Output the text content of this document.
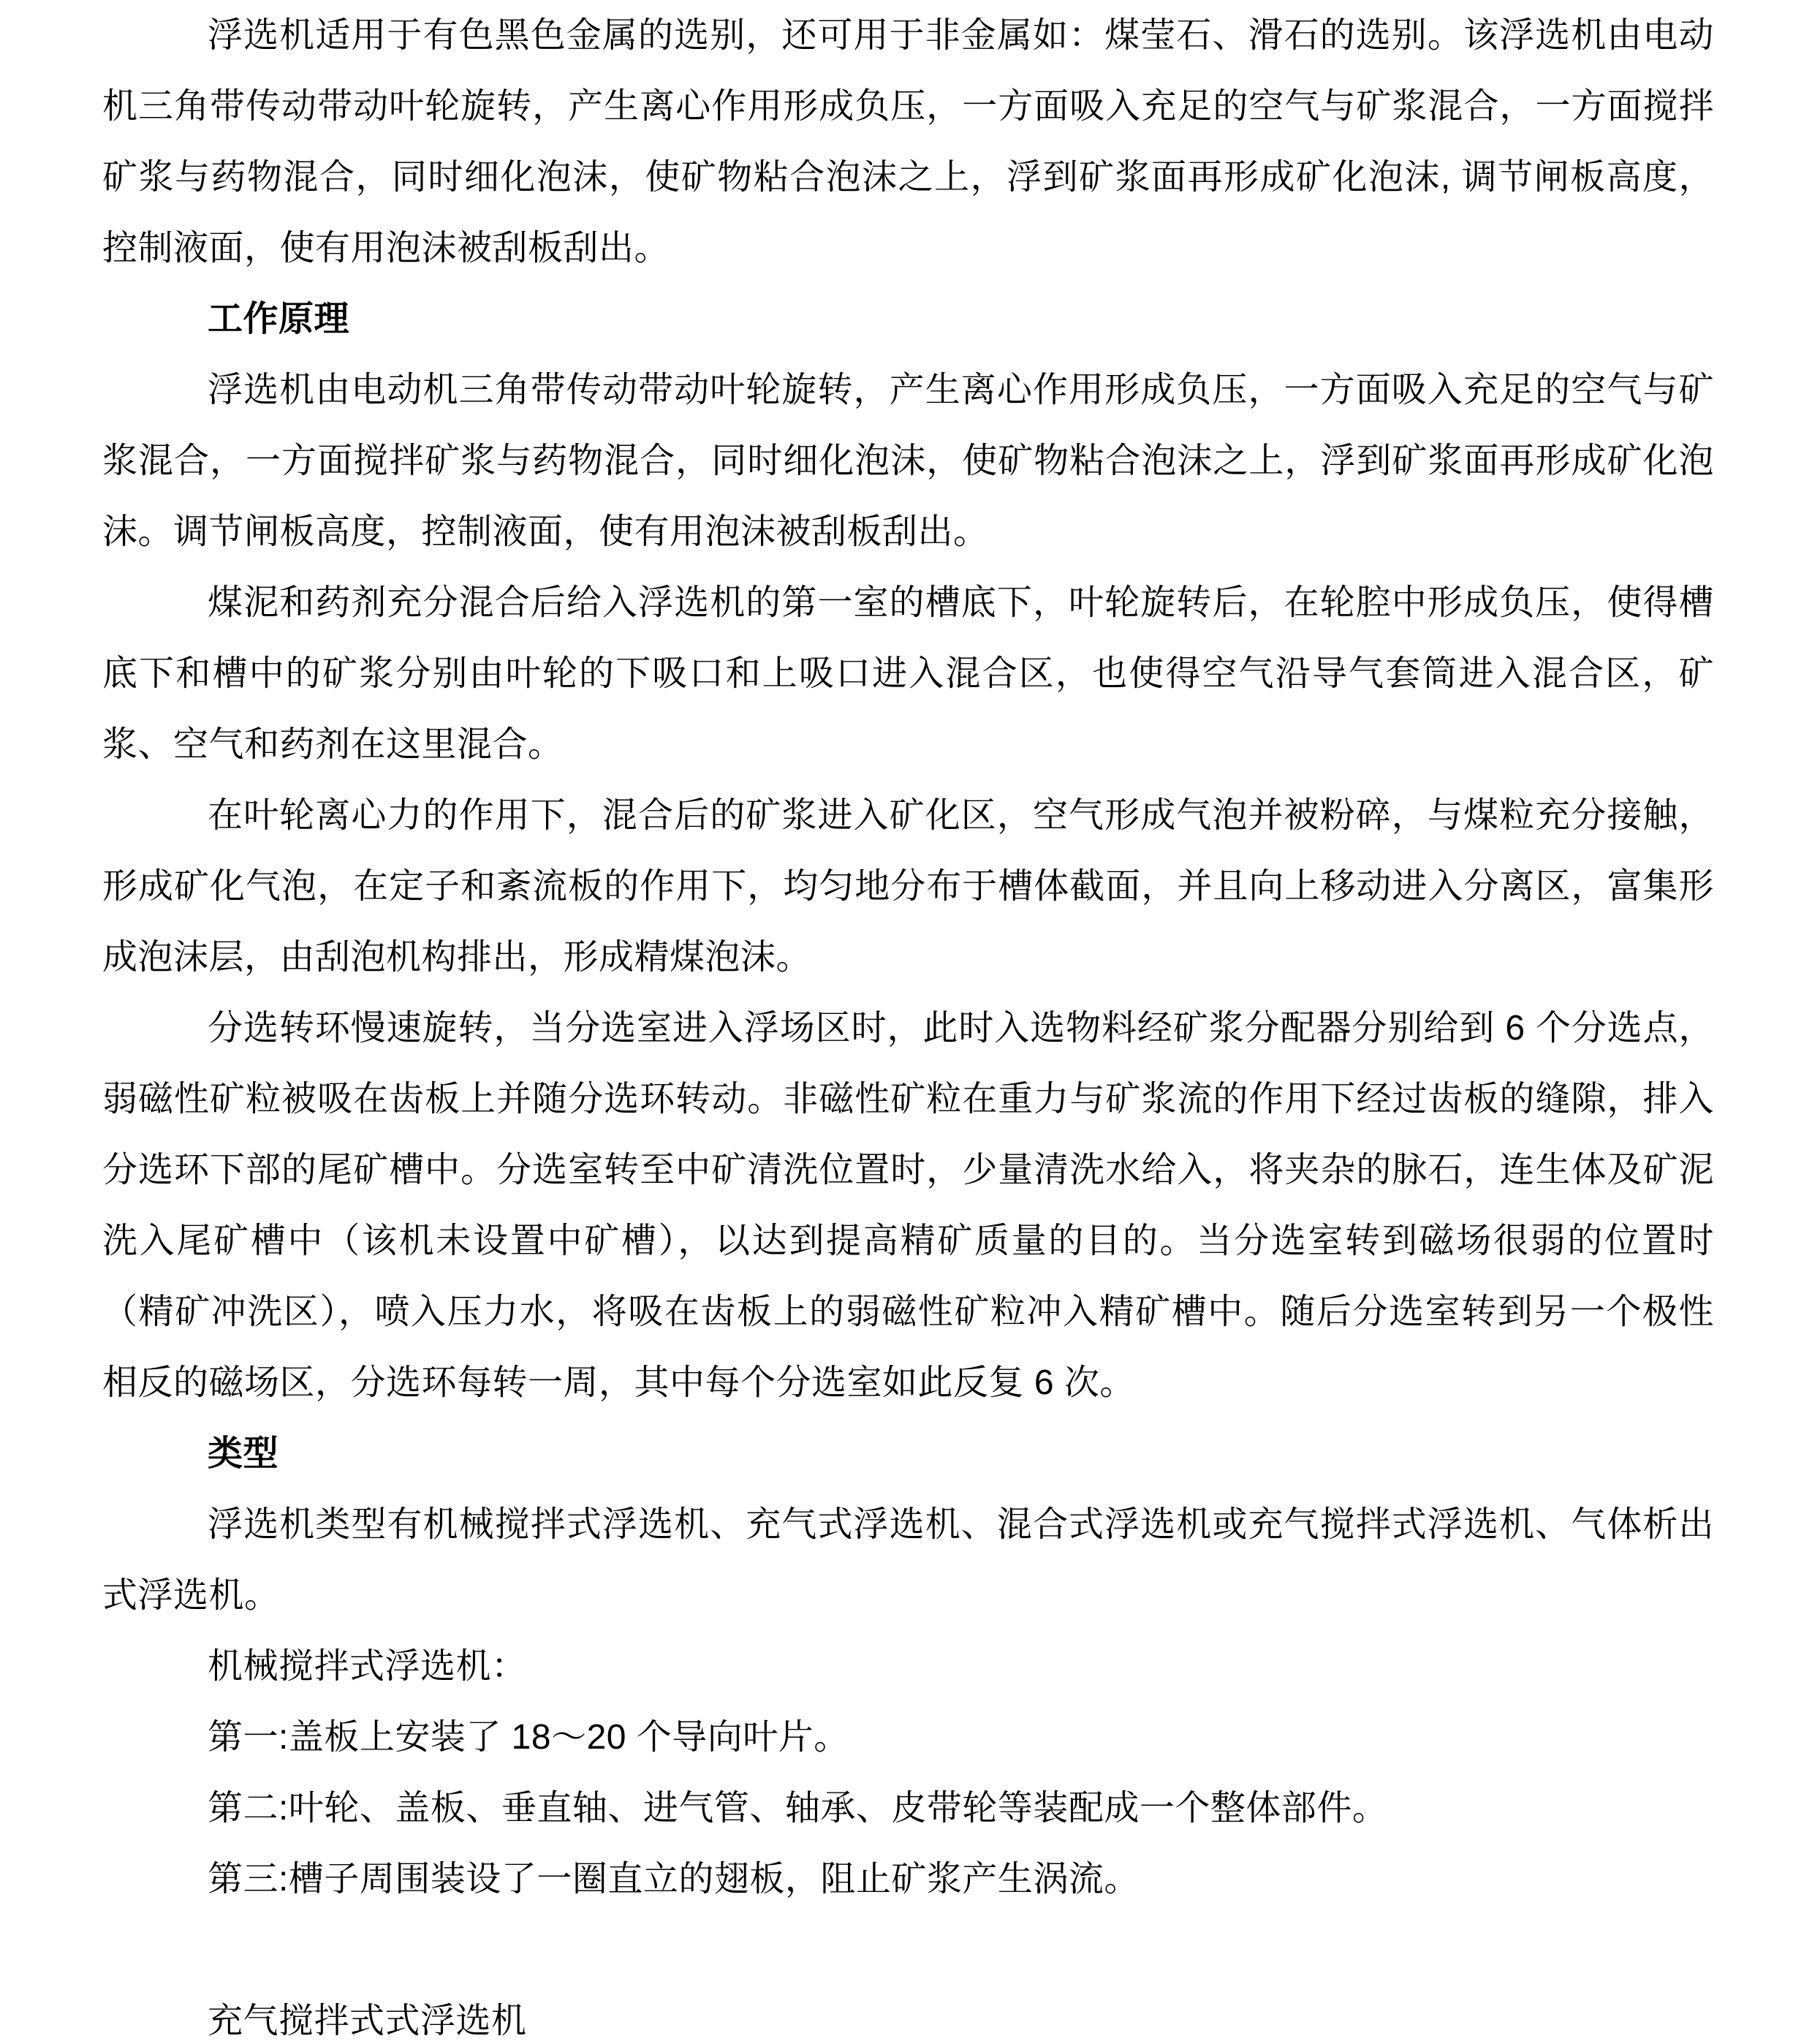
浮选机适用于有色黑色金属的选别，还可用于非金属如：煤莹石、滑石的选别。该浮选机由电动机三角带传动带动叶轮旋转，产生离心作用形成负压，一方面吸入充足的空气与矿浆混合，一方面搅拌矿浆与药物混合，同时细化泡沫，使矿物粘合泡沫之上，浮到矿浆面再形成矿化泡沫, 调节闸板高度，控制液面，使有用泡沫被刮板刮出。

工作原理

浮选机由电动机三角带传动带动叶轮旋转，产生离心作用形成负压，一方面吸入充足的空气与矿浆混合，一方面搅拌矿浆与药物混合，同时细化泡沫，使矿物粘合泡沫之上，浮到矿浆面再形成矿化泡沫。调节闸板高度，控制液面，使有用泡沫被刮板刮出。

煤泥和药剂充分混合后给入浮选机的第一室的槽底下，叶轮旋转后，在轮腔中形成负压，使得槽底下和槽中的矿浆分别由叶轮的下吸口和上吸口进入混合区，也使得空气沿导气套筒进入混合区，矿浆、空气和药剂在这里混合。

在叶轮离心力的作用下，混合后的矿浆进入矿化区，空气形成气泡并被粉碎，与煤粒充分接触，形成矿化气泡，在定子和紊流板的作用下，均匀地分布于槽体截面，并且向上移动进入分离区，富集形成泡沫层，由刮泡机构排出，形成精煤泡沫。

分选转环慢速旋转，当分选室进入浮场区时，此时入选物料经矿浆分配器分别给到 6 个分选点，弱磁性矿粒被吸在齿板上并随分选环转动。非磁性矿粒在重力与矿浆流的作用下经过齿板的缝隙，排入分选环下部的尾矿槽中。分选室转至中矿清洗位置时，少量清洗水给入，将夹杂的脉石，连生体及矿泥洗入尾矿槽中（该机未设置中矿槽），以达到提高精矿质量的目的。当分选室转到磁场很弱的位置时（精矿冲洗区），喷入压力水，将吸在齿板上的弱磁性矿粒冲入精矿槽中。随后分选室转到另一个极性相反的磁场区，分选环每转一周，其中每个分选室如此反复 6 次。

类型

浮选机类型有机械搅拌式浮选机、充气式浮选机、混合式浮选机或充气搅拌式浮选机、气体析出式浮选机。

机械搅拌式浮选机：

第一:盖板上安装了 18～20 个导向叶片。

第二:叶轮、盖板、垂直轴、进气管、轴承、皮带轮等装配成一个整体部件。

第三:槽子周围装设了一圈直立的翅板，阻止矿浆产生涡流。

充气搅拌式式浮选机
